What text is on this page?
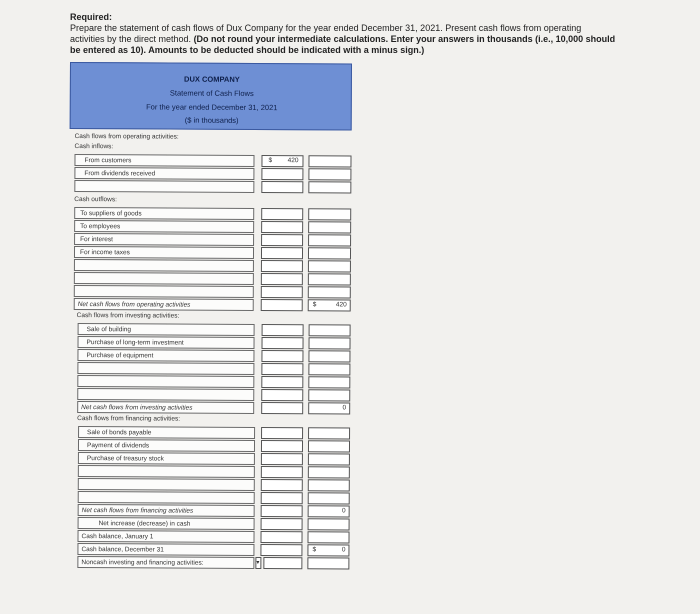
Required:
Prepare the statement of cash flows of Dux Company for the year ended December 31, 2021. Present cash flows from operating
activities by the direct method. (Do not round your intermediate calculations. Enter your answers in thousands (i.e., 10,000 should
be entered as 10). Amounts to be deducted should be indicated with a minus sign.)
DUX COMPANY
Statement of Cash Flows
For the year ended December 31, 2021
($ in thousands)
Cash flows from operating activities:
Cash inflows:
From customers	$ 420
From dividends received
Cash outflows:
To suppliers of goods
To employees
For interest
For income taxes
Net cash flows from operating activities	$	420
Cash flows from investing activities:
Sale of building
Purchase of long-term investment
Purchase of equipment
Net cash flows from investing activities	0
Cash flows from financing activities:
Sale of bonds payable
Payment of dividends
Purchase of treasury stock
Net cash flows from financing activities	0
Net increase (decrease) in cash
Cash balance, January 1
Cash balance, December 31	$	0
Noncash investing and financing activities:	▾
